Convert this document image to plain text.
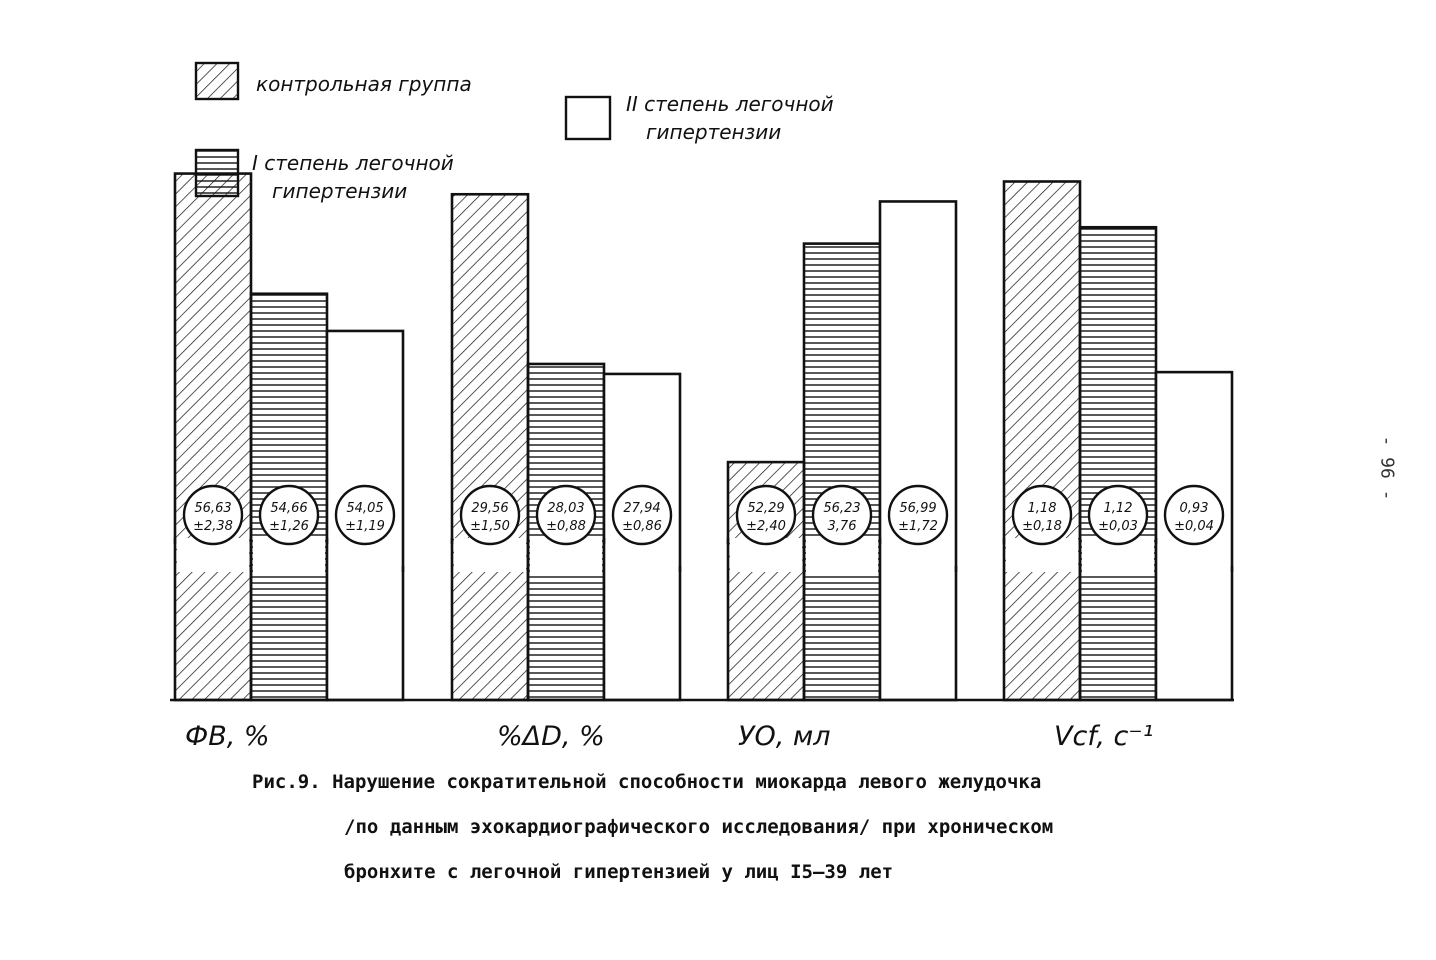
контрольная группа
I степень легочной
гипертензии
II степень легочной
гипертензии
56,63
±2,38
54,66
±1,26
54,05
±1,19
29,56
±1,50
28,03
±0,88
27,94
±0,86
52,29
±2,40
56,23
3,76
56,99
±1,72
1,18
±0,18
1,12
±0,03
0,93
±0,04
ФВ, %	%ΔD, %	УО, мл	Vcf, с⁻¹
Рис.9. Нарушение сократительной способности миокарда левого желудочка
/по данным эхокардиографического исследования/ при хроническом
бронхите с легочной гипертензией у лиц I5–39 лет
- 96 -
